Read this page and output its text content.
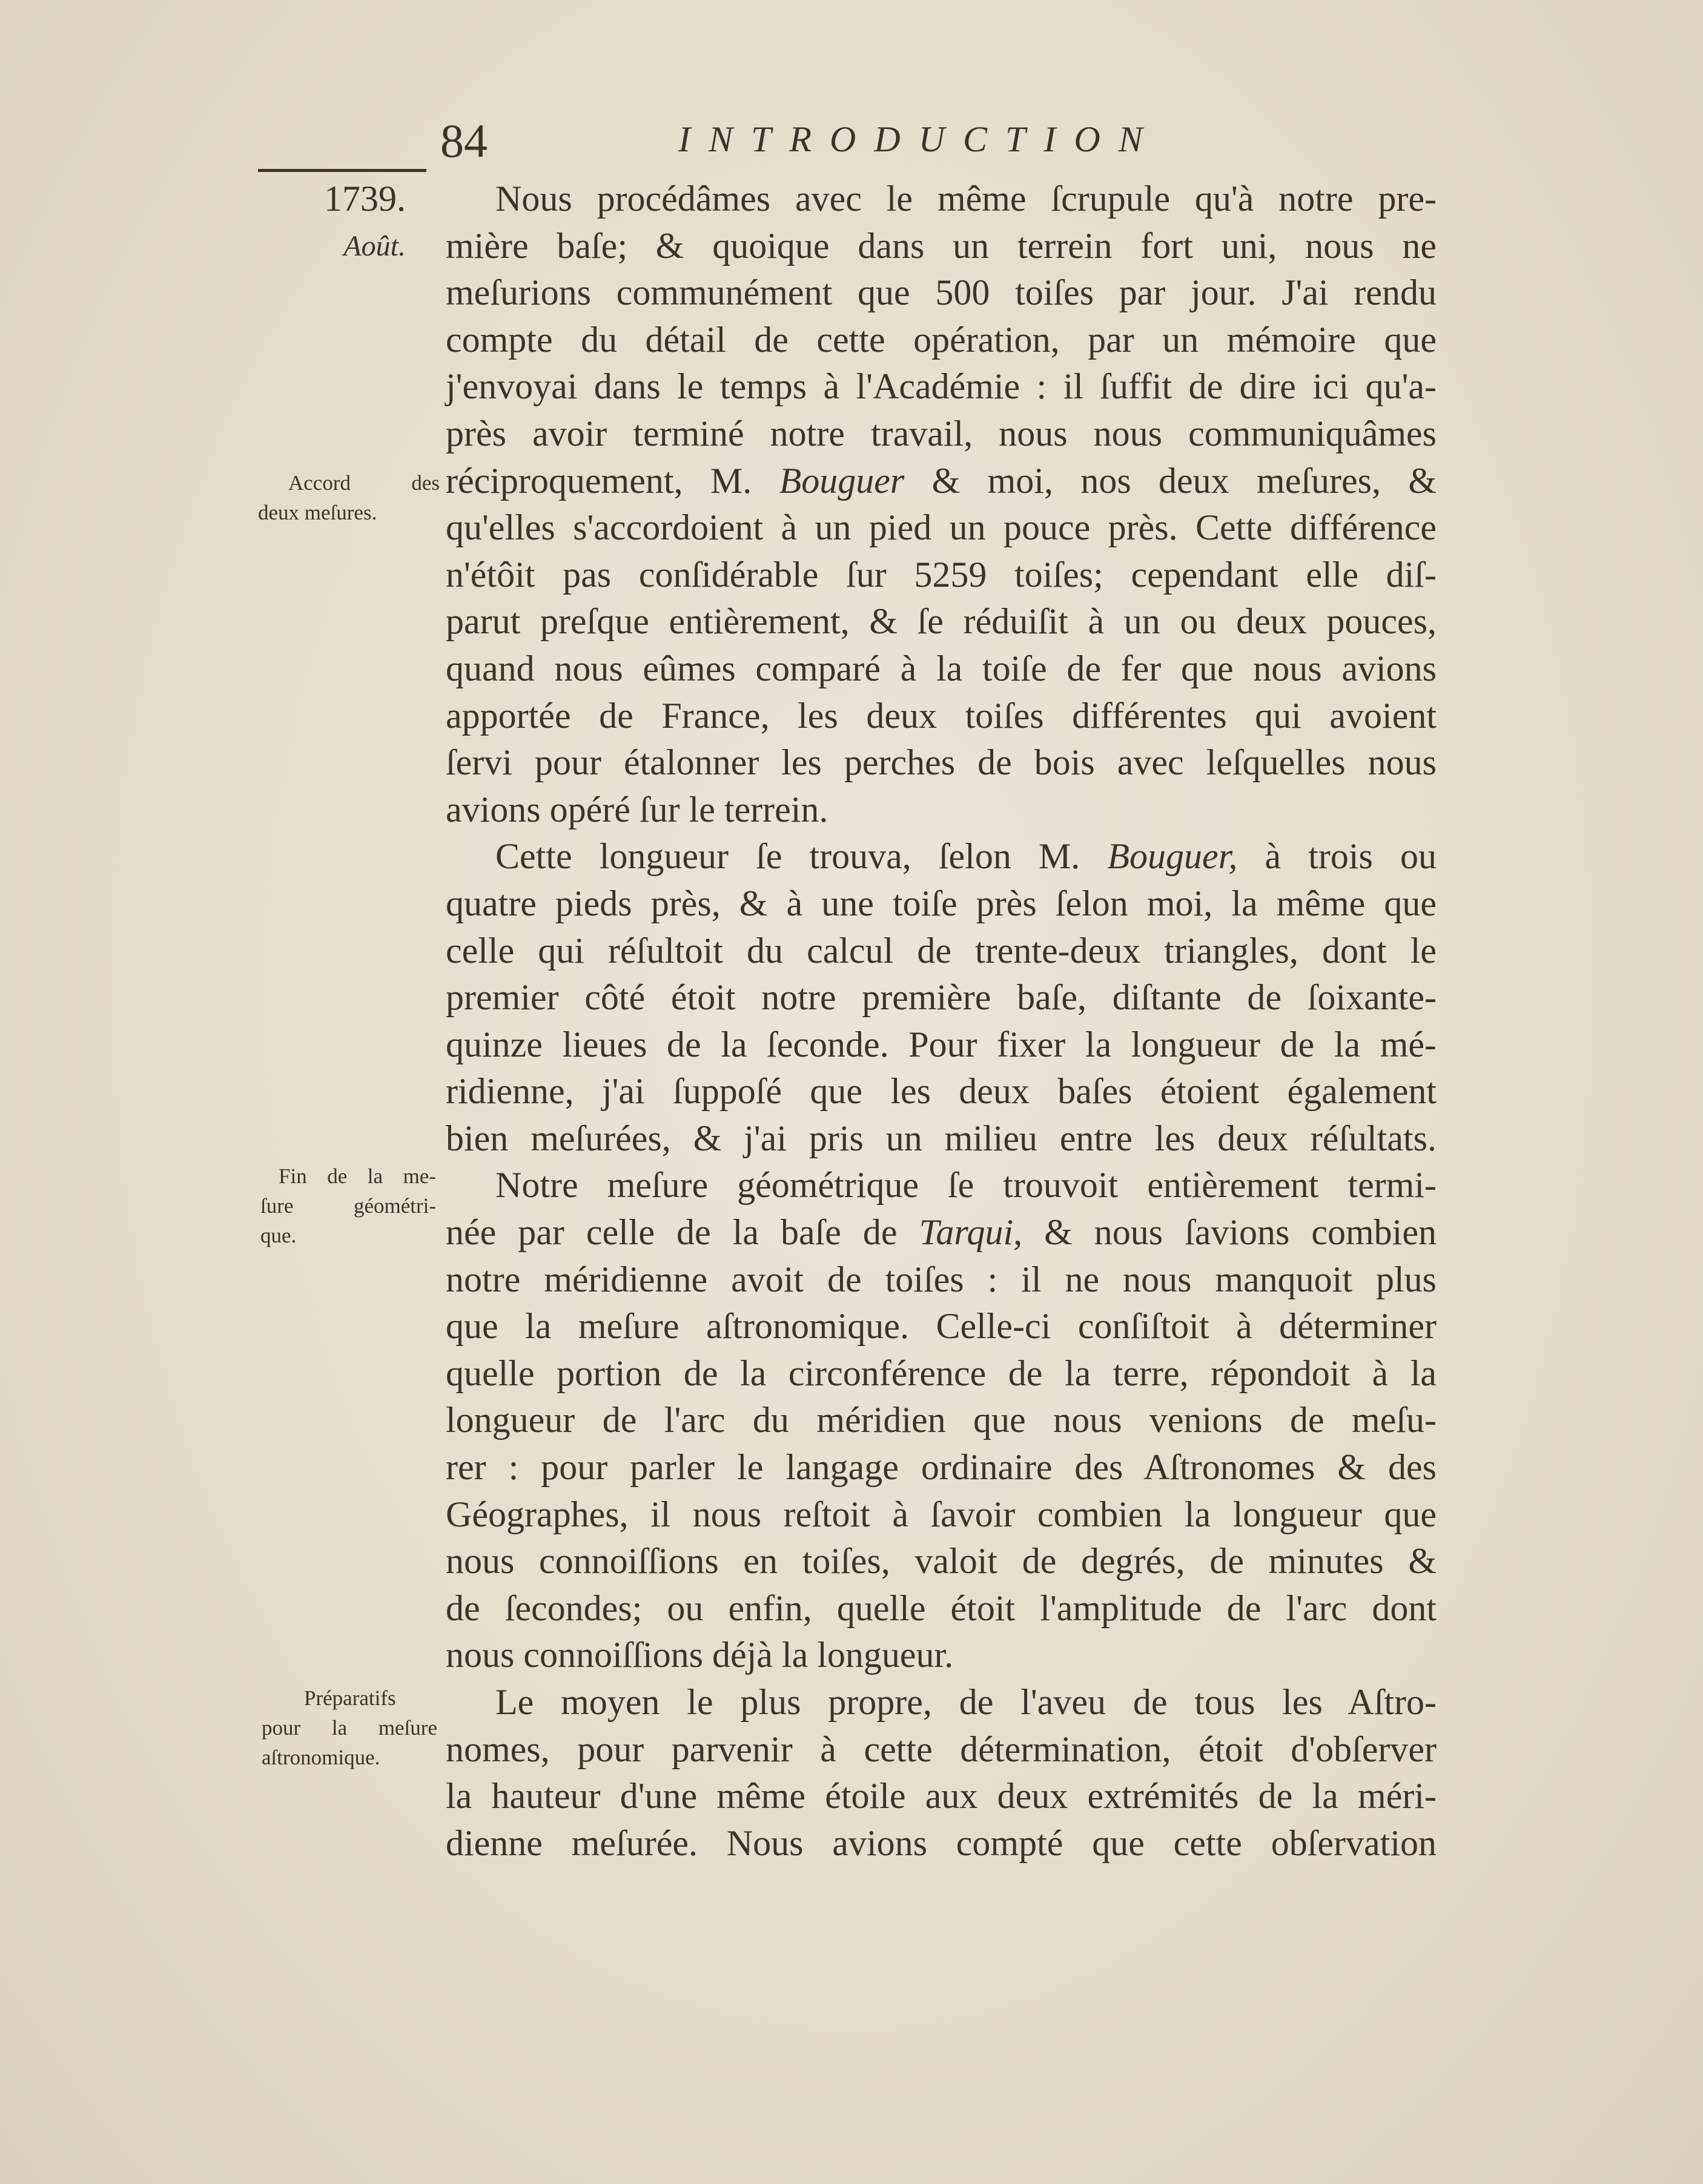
84	INTRODUCTION
1739.
Août.
Accord des
deux meſures.
Fin de la me-
ſure géométri-
que.
Préparatifs
pour la meſure
aſtronomique.
Nous procédâmes avec le même ſcrupule qu'à notre pre-
mière baſe; & quoique dans un terrein fort uni, nous ne
meſurions communément que 500 toiſes par jour. J'ai rendu
compte du détail de cette opération, par un mémoire que
j'envoyai dans le temps à l'Académie : il ſuffit de dire ici qu'a-
près avoir terminé notre travail, nous nous communiquâmes
réciproquement, M. Bouguer & moi, nos deux meſures, &
qu'elles s'accordoient à un pied un pouce près. Cette différence
n'étôit pas conſidérable ſur 5259 toiſes; cependant elle diſ-
parut preſque entièrement, & ſe réduiſit à un ou deux pouces,
quand nous eûmes comparé à la toiſe de fer que nous avions
apportée de France, les deux toiſes différentes qui avoient
ſervi pour étalonner les perches de bois avec leſquelles nous
avions opéré ſur le terrein.
Cette longueur ſe trouva, ſelon M. Bouguer, à trois ou
quatre pieds près, & à une toiſe près ſelon moi, la même que
celle qui réſultoit du calcul de trente-deux triangles, dont le
premier côté étoit notre première baſe, diſtante de ſoixante-
quinze lieues de la ſeconde. Pour fixer la longueur de la mé-
ridienne, j'ai ſuppoſé que les deux baſes étoient également
bien meſurées, & j'ai pris un milieu entre les deux réſultats.
Notre meſure géométrique ſe trouvoit entièrement termi-
née par celle de la baſe de Tarqui, & nous ſavions combien
notre méridienne avoit de toiſes : il ne nous manquoit plus
que la meſure aſtronomique. Celle-ci conſiſtoit à déterminer
quelle portion de la circonférence de la terre, répondoit à la
longueur de l'arc du méridien que nous venions de meſu-
rer : pour parler le langage ordinaire des Aſtronomes & des
Géographes, il nous reſtoit à ſavoir combien la longueur que
nous connoiſſions en toiſes, valoit de degrés, de minutes &
de ſecondes; ou enfin, quelle étoit l'amplitude de l'arc dont
nous connoiſſions déjà la longueur.
Le moyen le plus propre, de l'aveu de tous les Aſtro-
nomes, pour parvenir à cette détermination, étoit d'obſerver
la hauteur d'une même étoile aux deux extrémités de la méri-
dienne meſurée. Nous avions compté que cette obſervation
